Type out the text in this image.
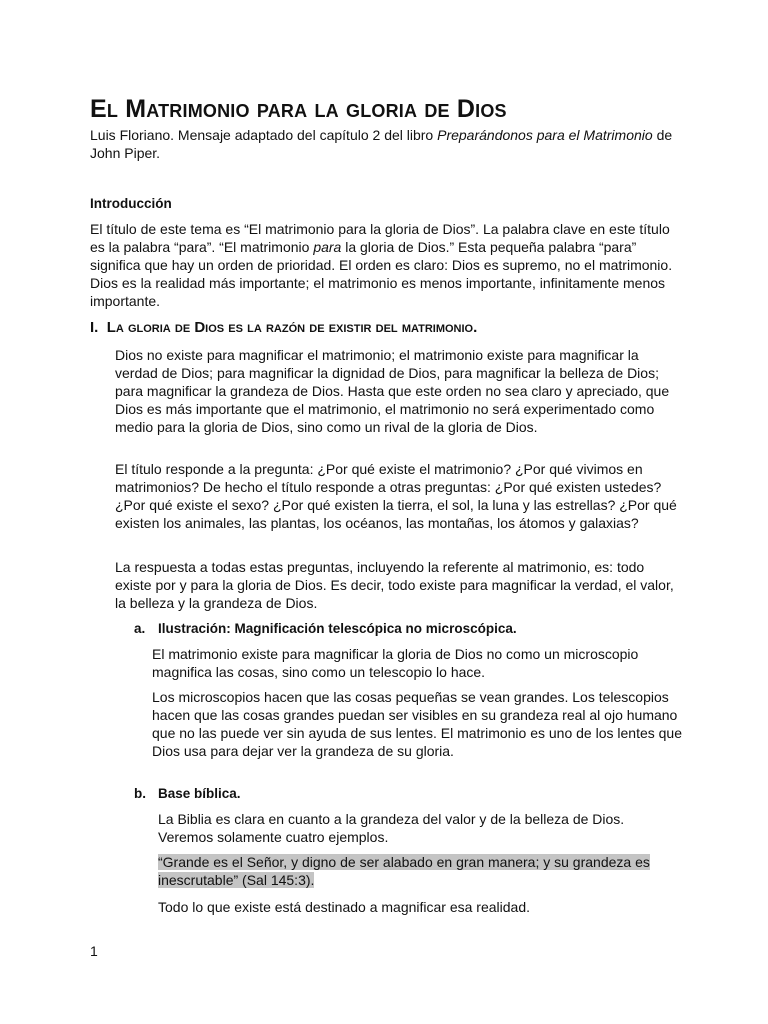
El Matrimonio para la gloria de Dios

Luis Floriano. Mensaje adaptado del capítulo 2 del libro Preparándonos para el Matrimonio de John Piper.

Introducción

El título de este tema es “El matrimonio para la gloria de Dios”. La palabra clave en este título es la palabra “para”. “El matrimonio para la gloria de Dios.” Esta pequeña palabra “para” significa que hay un orden de prioridad. El orden es claro: Dios es supremo, no el matrimonio. Dios es la realidad más importante; el matrimonio es menos importante, infinitamente menos importante.

I. La gloria de Dios es la razón de existir del matrimonio.

Dios no existe para magnificar el matrimonio; el matrimonio existe para magnificar la verdad de Dios; para magnificar la dignidad de Dios, para magnificar la belleza de Dios; para magnificar la grandeza de Dios. Hasta que este orden no sea claro y apreciado, que Dios es más importante que el matrimonio, el matrimonio no será experimentado como medio para la gloria de Dios, sino como un rival de la gloria de Dios.

El título responde a la pregunta: ¿Por qué existe el matrimonio? ¿Por qué vivimos en matrimonios? De hecho el título responde a otras preguntas: ¿Por qué existen ustedes? ¿Por qué existe el sexo? ¿Por qué existen la tierra, el sol, la luna y las estrellas? ¿Por qué existen los animales, las plantas, los océanos, las montañas, los átomos y galaxias?

La respuesta a todas estas preguntas, incluyendo la referente al matrimonio, es: todo existe por y para la gloria de Dios. Es decir, todo existe para magnificar la verdad, el valor, la belleza y la grandeza de Dios.

a. Ilustración: Magnificación telescópica no microscópica.

El matrimonio existe para magnificar la gloria de Dios no como un microscopio magnifica las cosas, sino como un telescopio lo hace.

Los microscopios hacen que las cosas pequeñas se vean grandes. Los telescopios hacen que las cosas grandes puedan ser visibles en su grandeza real al ojo humano que no las puede ver sin ayuda de sus lentes. El matrimonio es uno de los lentes que Dios usa para dejar ver la grandeza de su gloria.

b. Base bíblica.

La Biblia es clara en cuanto a la grandeza del valor y de la belleza de Dios. Veremos solamente cuatro ejemplos.

“Grande es el Señor, y digno de ser alabado en gran manera; y su grandeza es inescrutable” (Sal 145:3).

Todo lo que existe está destinado a magnificar esa realidad.

1
